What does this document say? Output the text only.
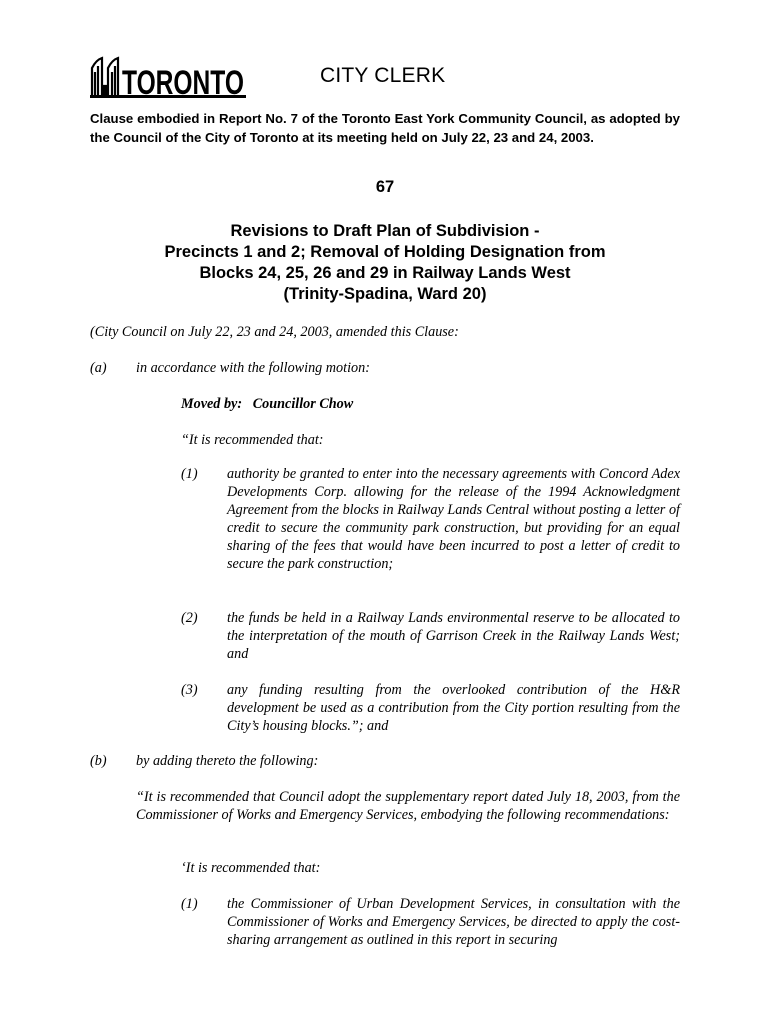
TORONTO	CITY CLERK
Clause embodied in Report No. 7 of the Toronto East York Community Council, as adopted by the Council of the City of Toronto at its meeting held on July 22, 23 and 24, 2003.
67
Revisions to Draft Plan of Subdivision -
Precincts 1 and 2; Removal of Holding Designation from
Blocks 24, 25, 26 and 29 in Railway Lands West
(Trinity-Spadina, Ward 20)
(City Council on July 22, 23 and 24, 2003, amended this Clause:
(a) in accordance with the following motion:
Moved by: Councillor Chow
“It is recommended that:
(1) authority be granted to enter into the necessary agreements with Concord Adex Developments Corp. allowing for the release of the 1994 Acknowledgment Agreement from the blocks in Railway Lands Central without posting a letter of credit to secure the community park construction, but providing for an equal sharing of the fees that would have been incurred to post a letter of credit to secure the park construction;
(2) the funds be held in a Railway Lands environmental reserve to be allocated to the interpretation of the mouth of Garrison Creek in the Railway Lands West; and
(3) any funding resulting from the overlooked contribution of the H&R development be used as a contribution from the City portion resulting from the City’s housing blocks.”; and
(b) by adding thereto the following:
“It is recommended that Council adopt the supplementary report dated July 18, 2003, from the Commissioner of Works and Emergency Services, embodying the following recommendations:
‘It is recommended that:
(1) the Commissioner of Urban Development Services, in consultation with the Commissioner of Works and Emergency Services, be directed to apply the cost-sharing arrangement as outlined in this report in securing
